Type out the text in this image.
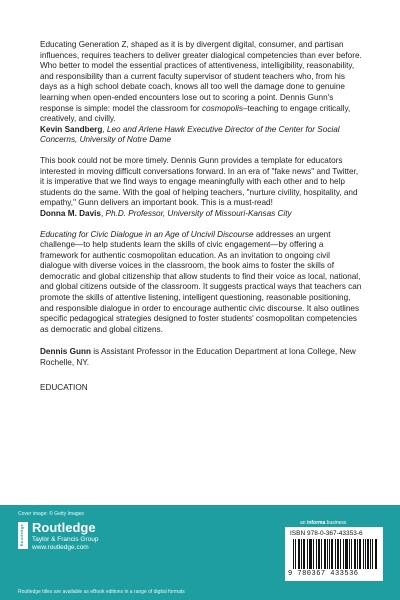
Educating Generation Z, shaped as it is by divergent digital, consumer, and partisan influences, requires teachers to deliver greater dialogical competencies than ever before. Who better to model the essential practices of attentiveness, intelligibility, reasonability, and responsibility than a current faculty supervisor of student teachers who, from his days as a high school debate coach, knows all too well the damage done to genuine learning when open-ended encounters lose out to scoring a point. Dennis Gunn's response is simple: model the classroom for cosmopolis–teaching to engage critically, creatively, and civilly.

Kevin Sandberg, Leo and Arlene Hawk Executive Director of the Center for Social Concerns, University of Notre Dame

This book could not be more timely. Dennis Gunn provides a template for educators interested in moving difficult conversations forward. In an era of "fake news" and Twitter, it is imperative that we find ways to engage meaningfully with each other and to help students do the same. With the goal of helping teachers, "nurture civility, hospitality, and empathy," Gunn delivers an important book. This is a must-read!

Donna M. Davis, Ph.D. Professor, University of Missouri-Kansas City

Educating for Civic Dialogue in an Age of Uncivil Discourse addresses an urgent challenge—to help students learn the skills of civic engagement—by offering a framework for authentic cosmopolitan education. As an invitation to ongoing civil dialogue with diverse voices in the classroom, the book aims to foster the skills of democratic and global citizenship that allow students to find their voice as local, national, and global citizens outside of the classroom. It suggests practical ways that teachers can promote the skills of attentive listening, intelligent questioning, reasonable positioning, and responsible dialogue in order to encourage authentic civic discourse. It also outlines specific pedagogical strategies designed to foster students' cosmopolitan competencies as democratic and global citizens.

Dennis Gunn is Assistant Professor in the Education Department at Iona College, New Rochelle, NY.

EDUCATION

Cover image: © Getty Images
Routledge Routledge
Taylor & Francis Group
www.routledge.com
an informa business
ISBN 978-0-367-43353-6
9 780367 433536
Routledge titles are available as eBook editions in a range of digital formats
